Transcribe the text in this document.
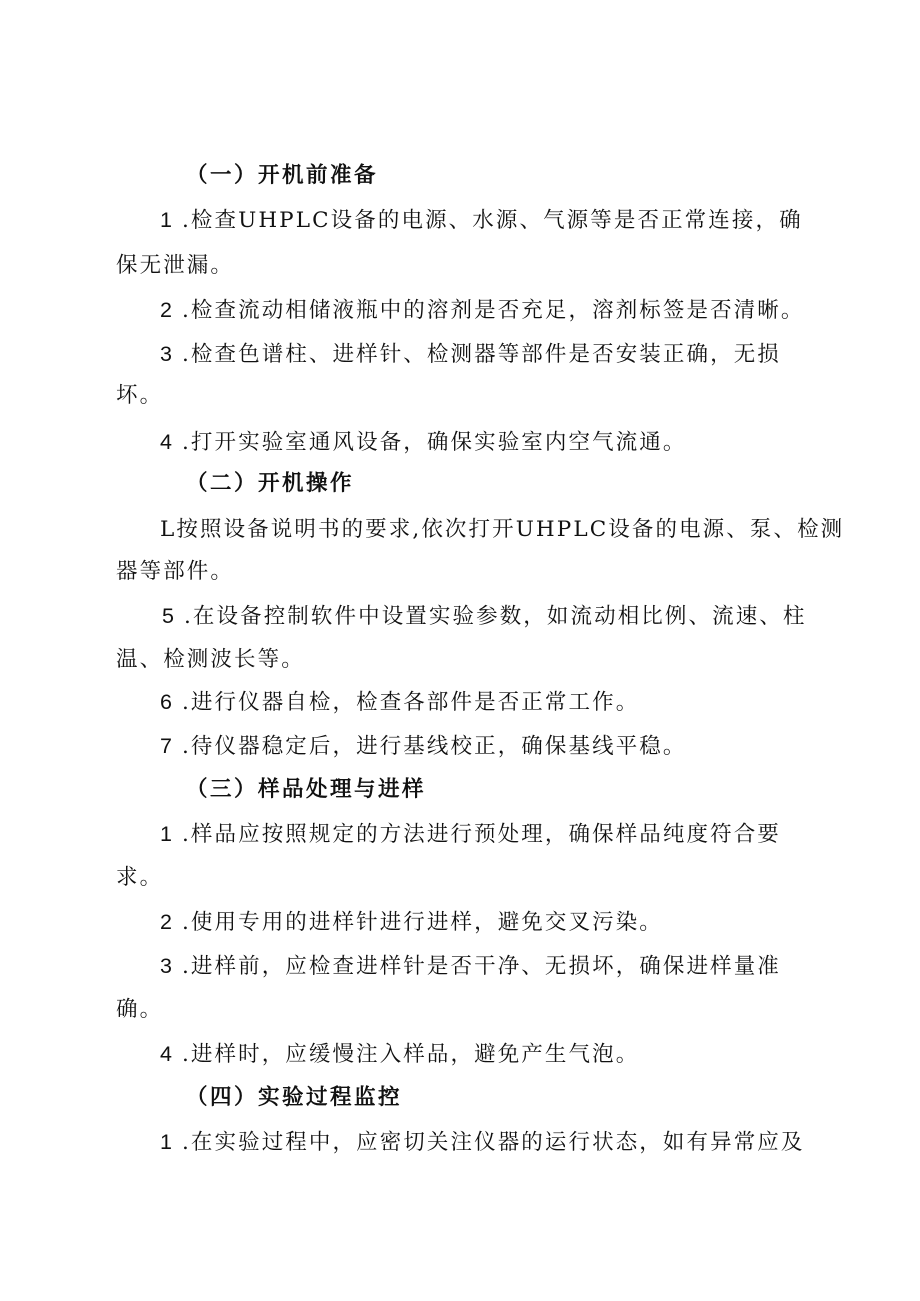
（一）开机前准备
1 .检查UHPLC设备的电源、水源、气源等是否正常连接，确
保无泄漏。
2 .检查流动相储液瓶中的溶剂是否充足，溶剂标签是否清晰。
3 .检查色谱柱、进样针、检测器等部件是否安装正确，无损
坏。
4 .打开实验室通风设备，确保实验室内空气流通。
（二）开机操作
L按照设备说明书的要求,依次打开UHPLC设备的电源、泵、检测
器等部件。
5 .在设备控制软件中设置实验参数，如流动相比例、流速、柱
温、检测波长等。
6 .进行仪器自检，检查各部件是否正常工作。
7 .待仪器稳定后，进行基线校正，确保基线平稳。
（三）样品处理与进样
1 .样品应按照规定的方法进行预处理，确保样品纯度符合要
求。
2 .使用专用的进样针进行进样，避免交叉污染。
3 .进样前，应检查进样针是否干净、无损坏，确保进样量准
确。
4 .进样时，应缓慢注入样品，避免产生气泡。
（四）实验过程监控
1 .在实验过程中，应密切关注仪器的运行状态，如有异常应及
